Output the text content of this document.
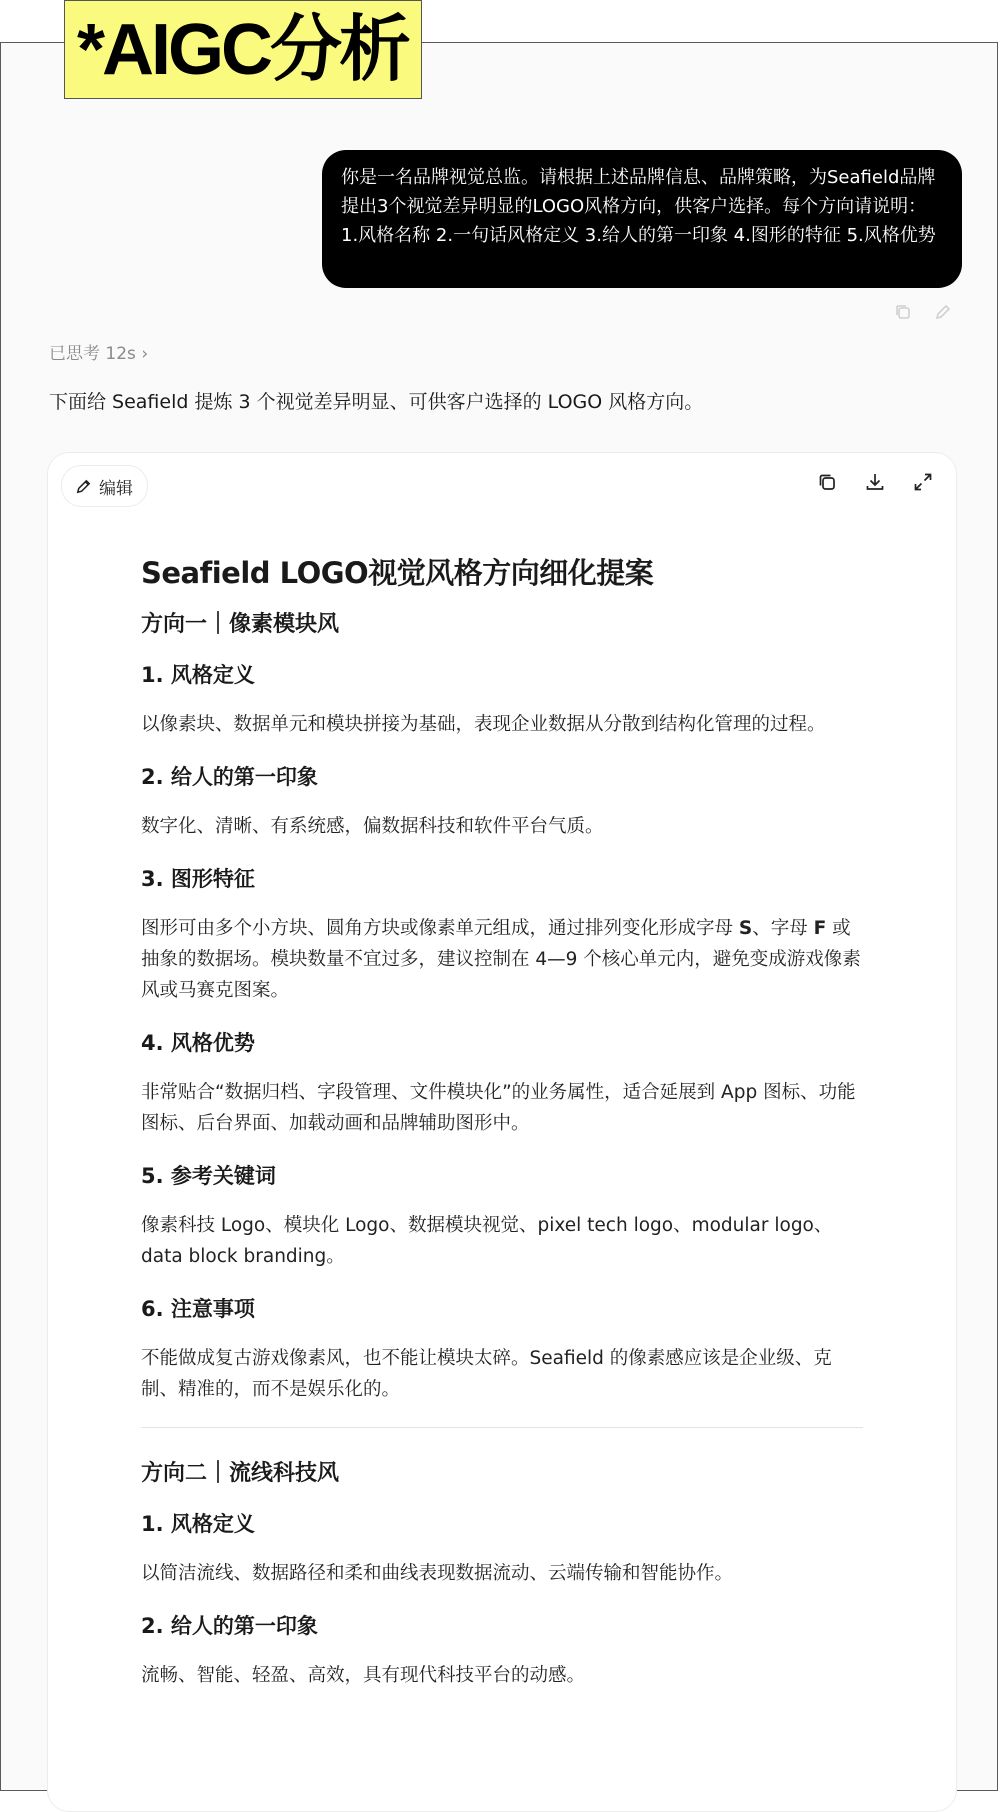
*AIGC分析
你是一名品牌视觉总监。请根据上述品牌信息、品牌策略，为Seafield品牌提出3个视觉差异明显的LOGO风格方向，供客户选择。每个方向请说明：1.风格名称 2.一句话风格定义 3.给人的第一印象 4.图形的特征 5.风格优势
已思考 12s ›
下面给 Seafield 提炼 3 个视觉差异明显、可供客户选择的 LOGO 风格方向。
编辑
Seafield LOGO视觉风格方向细化提案
方向一｜像素模块风
1. 风格定义

以像素块、数据单元和模块拼接为基础，表现企业数据从分散到结构化管理的过程。

2. 给人的第一印象

数字化、清晰、有系统感，偏数据科技和软件平台气质。

3. 图形特征

图形可由多个小方块、圆角方块或像素单元组成，通过排列变化形成字母 S、字母 F 或抽象的数据场。模块数量不宜过多，建议控制在 4—9 个核心单元内，避免变成游戏像素风或马赛克图案。

4. 风格优势

非常贴合“数据归档、字段管理、文件模块化”的业务属性，适合延展到 App 图标、功能图标、后台界面、加载动画和品牌辅助图形中。

5. 参考关键词

像素科技 Logo、模块化 Logo、数据模块视觉、pixel tech logo、modular logo、data block branding。

6. 注意事项

不能做成复古游戏像素风，也不能让模块太碎。Seafield 的像素感应该是企业级、克制、精准的，而不是娱乐化的。

方向二｜流线科技风
1. 风格定义

以简洁流线、数据路径和柔和曲线表现数据流动、云端传输和智能协作。

2. 给人的第一印象

流畅、智能、轻盈、高效，具有现代科技平台的动感。
